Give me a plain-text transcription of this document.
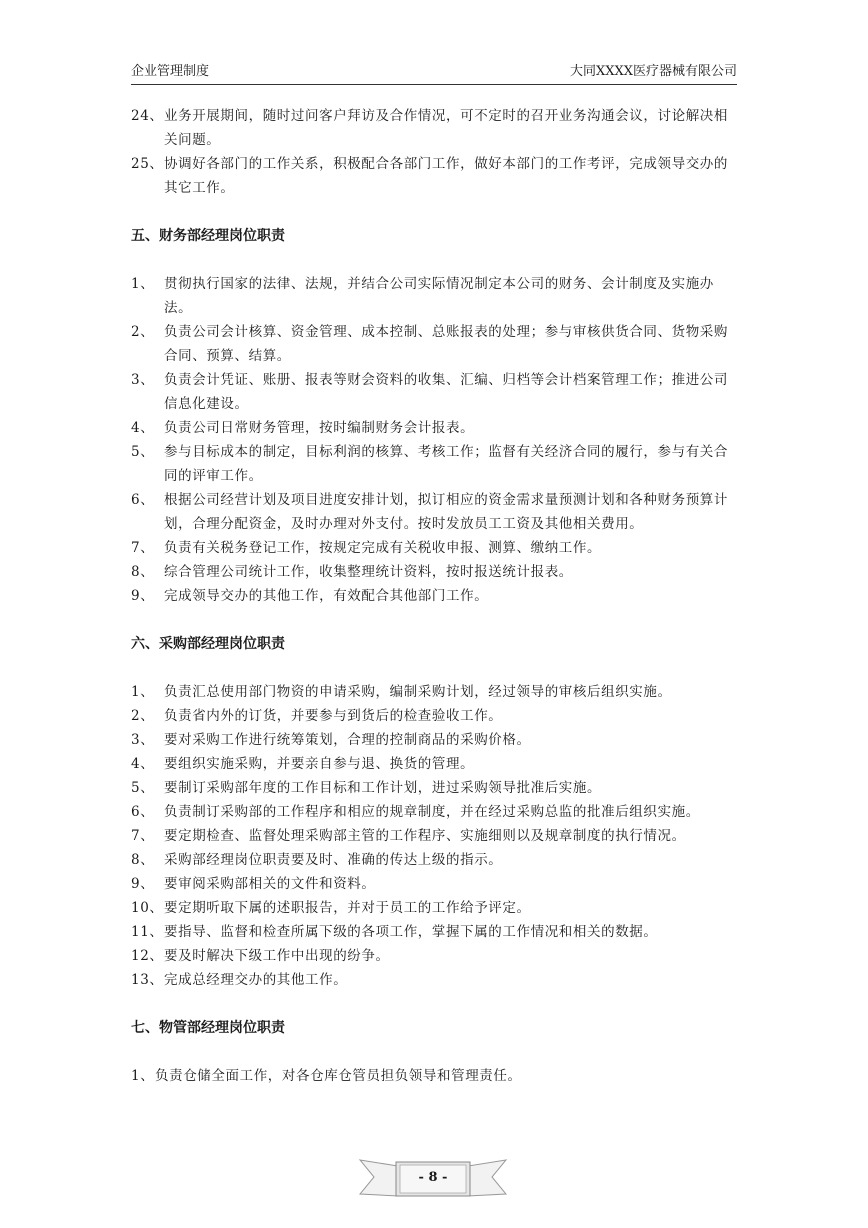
企业管理制度	大同XXXX医疗器械有限公司
24、 业务开展期间，随时过问客户拜访及合作情况，可不定时的召开业务沟通会议，讨论解决相关问题。
25、 协调好各部门的工作关系，积极配合各部门工作，做好本部门的工作考评，完成领导交办的其它工作。
五、财务部经理岗位职责
1、 贯彻执行国家的法律、法规，并结合公司实际情况制定本公司的财务、会计制度及实施办法。
2、 负责公司会计核算、资金管理、成本控制、总账报表的处理；参与审核供货合同、货物采购合同、预算、结算。
3、 负责会计凭证、账册、报表等财会资料的收集、汇编、归档等会计档案管理工作；推进公司信息化建设。
4、 负责公司日常财务管理，按时编制财务会计报表。
5、 参与目标成本的制定，目标利润的核算、考核工作；监督有关经济合同的履行，参与有关合同的评审工作。
6、 根据公司经营计划及项目进度安排计划，拟订相应的资金需求量预测计划和各种财务预算计划，合理分配资金，及时办理对外支付。按时发放员工工资及其他相关费用。
7、 负责有关税务登记工作，按规定完成有关税收申报、测算、缴纳工作。
8、 综合管理公司统计工作，收集整理统计资料，按时报送统计报表。
9、 完成领导交办的其他工作，有效配合其他部门工作。
六、采购部经理岗位职责
1、 负责汇总使用部门物资的申请采购，编制采购计划，经过领导的审核后组织实施。
2、 负责省内外的订货，并要参与到货后的检查验收工作。
3、 要对采购工作进行统筹策划，合理的控制商品的采购价格。
4、 要组织实施采购，并要亲自参与退、换货的管理。
5、 要制订采购部年度的工作目标和工作计划，进过采购领导批准后实施。
6、 负责制订采购部的工作程序和相应的规章制度，并在经过采购总监的批准后组织实施。
7、 要定期检查、监督处理采购部主管的工作程序、实施细则以及规章制度的执行情况。
8、 采购部经理岗位职责要及时、准确的传达上级的指示。
9、 要审阅采购部相关的文件和资料。
10、 要定期听取下属的述职报告，并对于员工的工作给予评定。
11、 要指导、监督和检查所属下级的各项工作，掌握下属的工作情况和相关的数据。
12、 要及时解决下级工作中出现的纷争。
13、 完成总经理交办的其他工作。
七、物管部经理岗位职责
1、 负责仓储全面工作，对各仓库仓管员担负领导和管理责任。
- 8 -
